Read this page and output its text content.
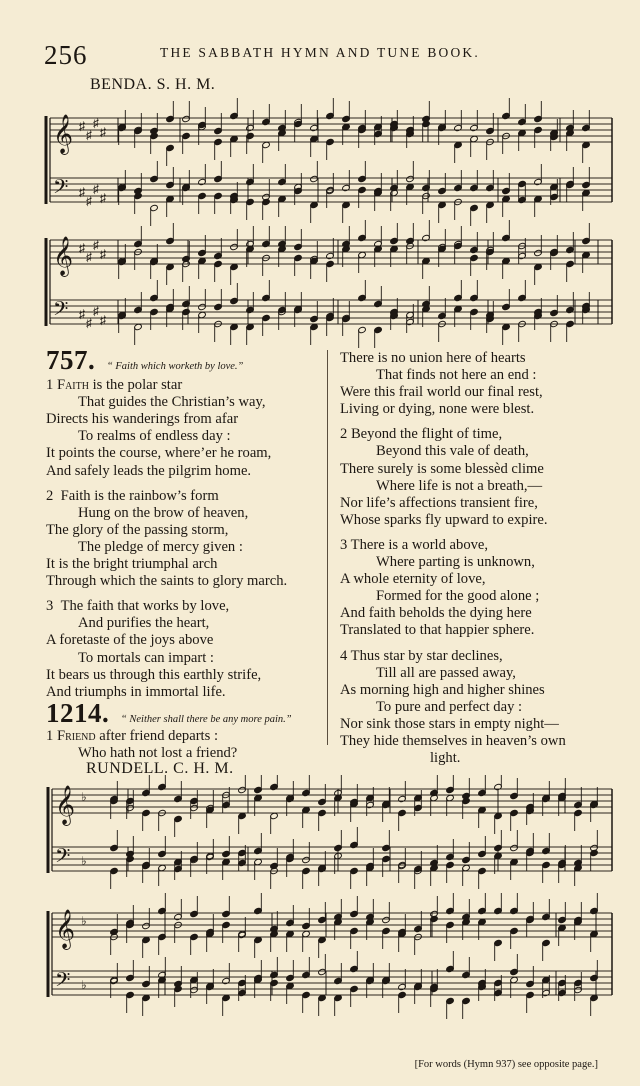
256	THE SABBATH HYMN AND TUNE BOOK.
BENDA. S. H. M.
𝄞
𝄢
♯
♯
♯
♯
♯
♯
♯
♯
𝄞
𝄢
♯
♯
♯
♯
♯
♯
♯
♯
757. “ Faith which worketh by love.”
1 Faith is the polar star
That guides the Christian’s way,
Directs his wanderings from afar
To realms of endless day :
It points the course, where’er he roam,
And safely leads the pilgrim home.
2 Faith is the rainbow’s form
Hung on the brow of heaven,
The glory of the passing storm,
The pledge of mercy given :
It is the bright triumphal arch
Through which the saints to glory march.
3 The faith that works by love,
And purifies the heart,
A foretaste of the joys above
To mortals can impart :
It bears us through this earthly strife,
And triumphs in immortal life.
1214. “ Neither shall there be any more pain.”
1 Friend after friend departs :
Who hath not lost a friend?
There is no union here of hearts
That finds not here an end :
Were this frail world our final rest,
Living or dying, none were blest.
2 Beyond the flight of time,
Beyond this vale of death,
There surely is some blessèd clime
Where life is not a breath,—
Nor life’s affections transient fire,
Whose sparks fly upward to expire.
3 There is a world above,
Where parting is unknown,
A whole eternity of love,
Formed for the good alone ;
And faith beholds the dying here
Translated to that happier sphere.
4 Thus star by star declines,
Till all are passed away,
As morning high and higher shines
To pure and perfect day :
Nor sink those stars in empty night—
They hide themselves in heaven’s own
light.
RUNDELL. C. H. M.
𝄞
𝄢
♭
♭
𝄞
𝄢
♭
♭
[For words (Hymn 937) see opposite page.]
